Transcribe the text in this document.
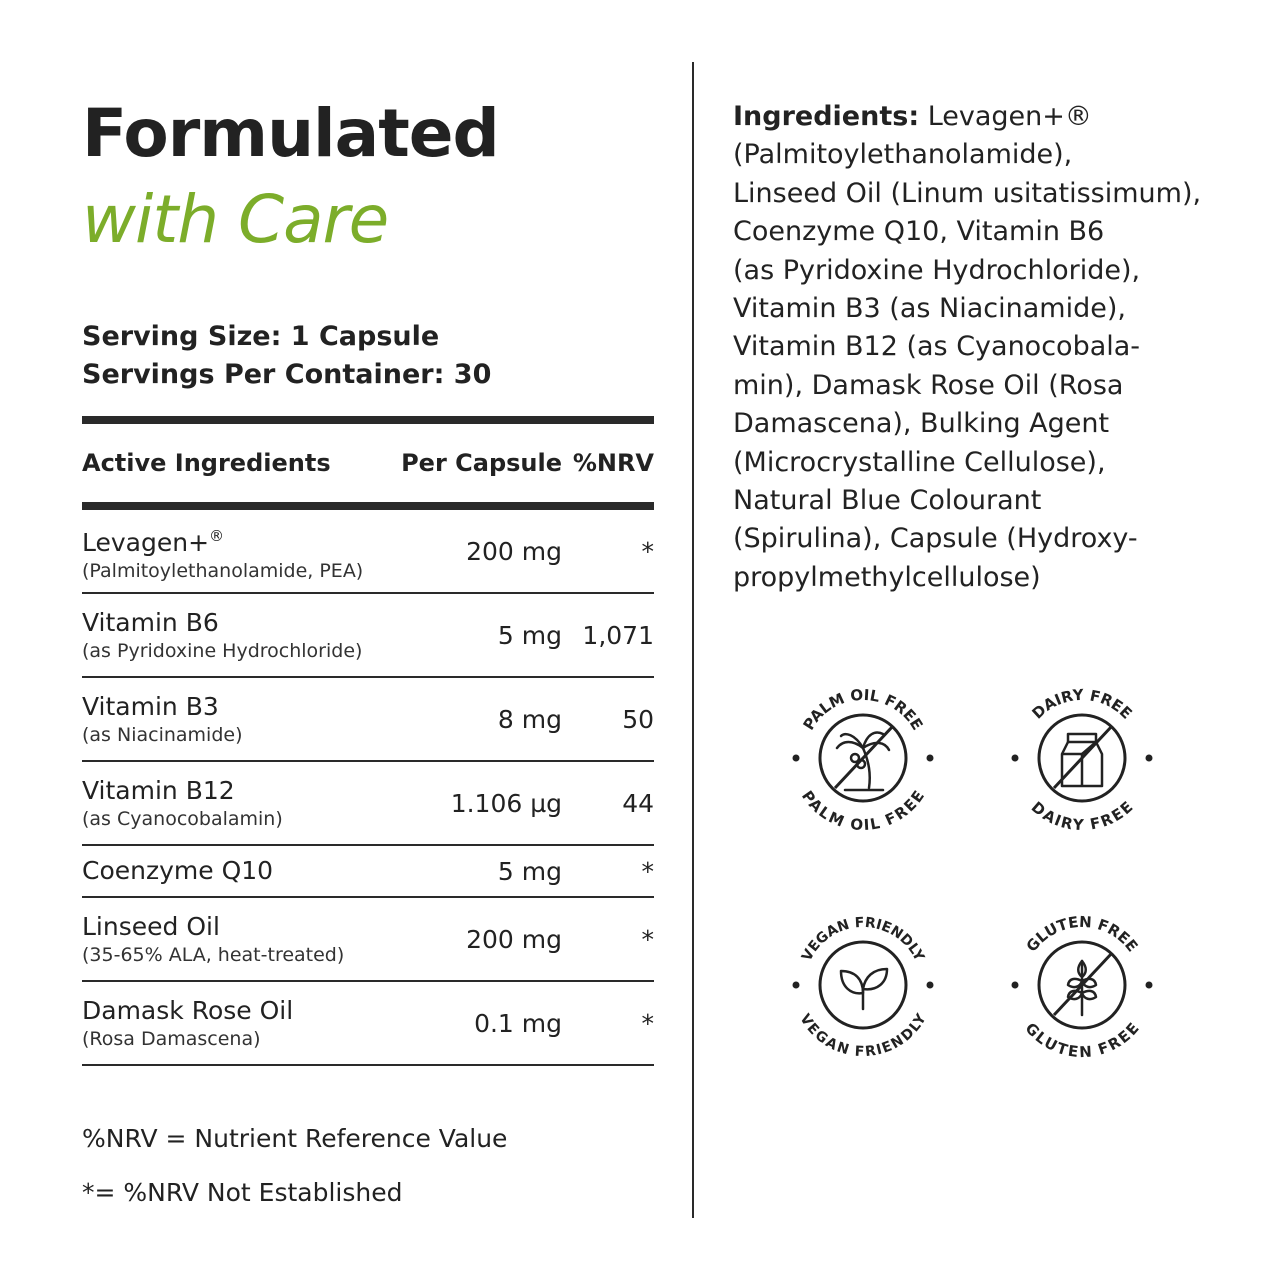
Formulated
with Care
Serving Size: 1 Capsule
Servings Per Container: 30
Active Ingredients	Per Capsule %NRV
Levagen+®
(Palmitoylethanolamide, PEA)
200 mg	*
Vitamin B6
(as Pyridoxine Hydrochloride)
5 mg 1,071
Vitamin B3
(as Niacinamide)
8 mg	50
Vitamin B12
(as Cyanocobalamin)
1.106 µg	44
Coenzyme Q10	5 mg	*
Linseed Oil
(35-65% ALA, heat-treated)
200 mg	*
Damask Rose Oil
(Rosa Damascena)
0.1 mg	*
%NRV = Nutrient Reference Value
*= %NRV Not Established
Ingredients: Levagen+®
(Palmitoylethanolamide),
Linseed Oil (Linum usitatissimum),
Coenzyme Q10, Vitamin B6
(as Pyridoxine Hydrochloride),
Vitamin B3 (as Niacinamide),
Vitamin B12 (as Cyanocobala-
min), Damask Rose Oil (Rosa
Damascena), Bulking Agent
(Microcrystalline Cellulose),
Natural Blue Colourant
(Spirulina), Capsule (Hydroxy-
propylmethylcellulose)
PALM OIL FREE
PALM OIL FREE
DAIRY FREE
DAIRY FREE
VEGAN FRIENDLY
VEGAN FRIENDLY
GLUTEN FREE
GLUTEN FREE
